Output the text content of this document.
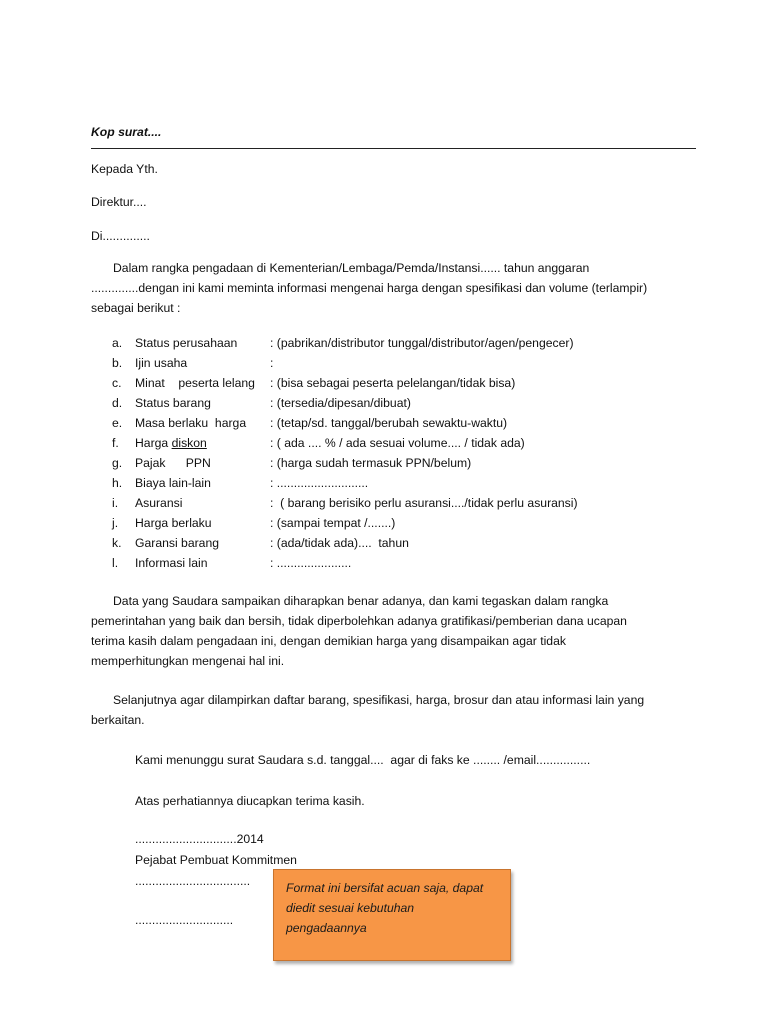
Kop surat....
Kepada Yth.
Direktur....
Di..............
Dalam rangka pengadaan di Kementerian/Lembaga/Pemda/Instansi...... tahun anggaran
..............dengan ini kami meminta informasi mengenai harga dengan spesifikasi dan volume (terlampir)
sebagai berikut :
a. Status perusahaan	: (pabrikan/distributor tunggal/distributor/agen/pengecer)
b. Ijin usaha	:
c. Minat    peserta lelang : (bisa sebagai peserta pelelangan/tidak bisa)
d. Status barang	: (tersedia/dipesan/dibuat)
e. Masa berlaku  harga : (tetap/sd. tanggal/berubah sewaktu-waktu)
f. Harga diskon	: ( ada .... % / ada sesuai volume.... / tidak ada)
g. Pajak      PPN	: (harga sudah termasuk PPN/belum)
h. Biaya lain-lain	: ...........................
i. Asuransi	:  ( barang berisiko perlu asuransi..../tidak perlu asuransi)
j. Harga berlaku	: (sampai tempat /.......)
k. Garansi barang	: (ada/tidak ada)....  tahun
l. Informasi lain	: ......................
Data yang Saudara sampaikan diharapkan benar adanya, dan kami tegaskan dalam rangka
pemerintahan yang baik dan bersih, tidak diperbolehkan adanya gratifikasi/pemberian dana ucapan
terima kasih dalam pengadaan ini, dengan demikian harga yang disampaikan agar tidak
memperhitungkan mengenai hal ini.
Selanjutnya agar dilampirkan daftar barang, spesifikasi, harga, brosur dan atau informasi lain yang
berkaitan.
Kami menunggu surat Saudara s.d. tanggal....  agar di faks ke ........ /email................
Atas perhatiannya diucapkan terima kasih.
..............................2014
Pejabat Pembuat Kommitmen
..................................
.............................
Format ini bersifat acuan saja, dapat
diedit sesuai kebutuhan
pengadaannya
